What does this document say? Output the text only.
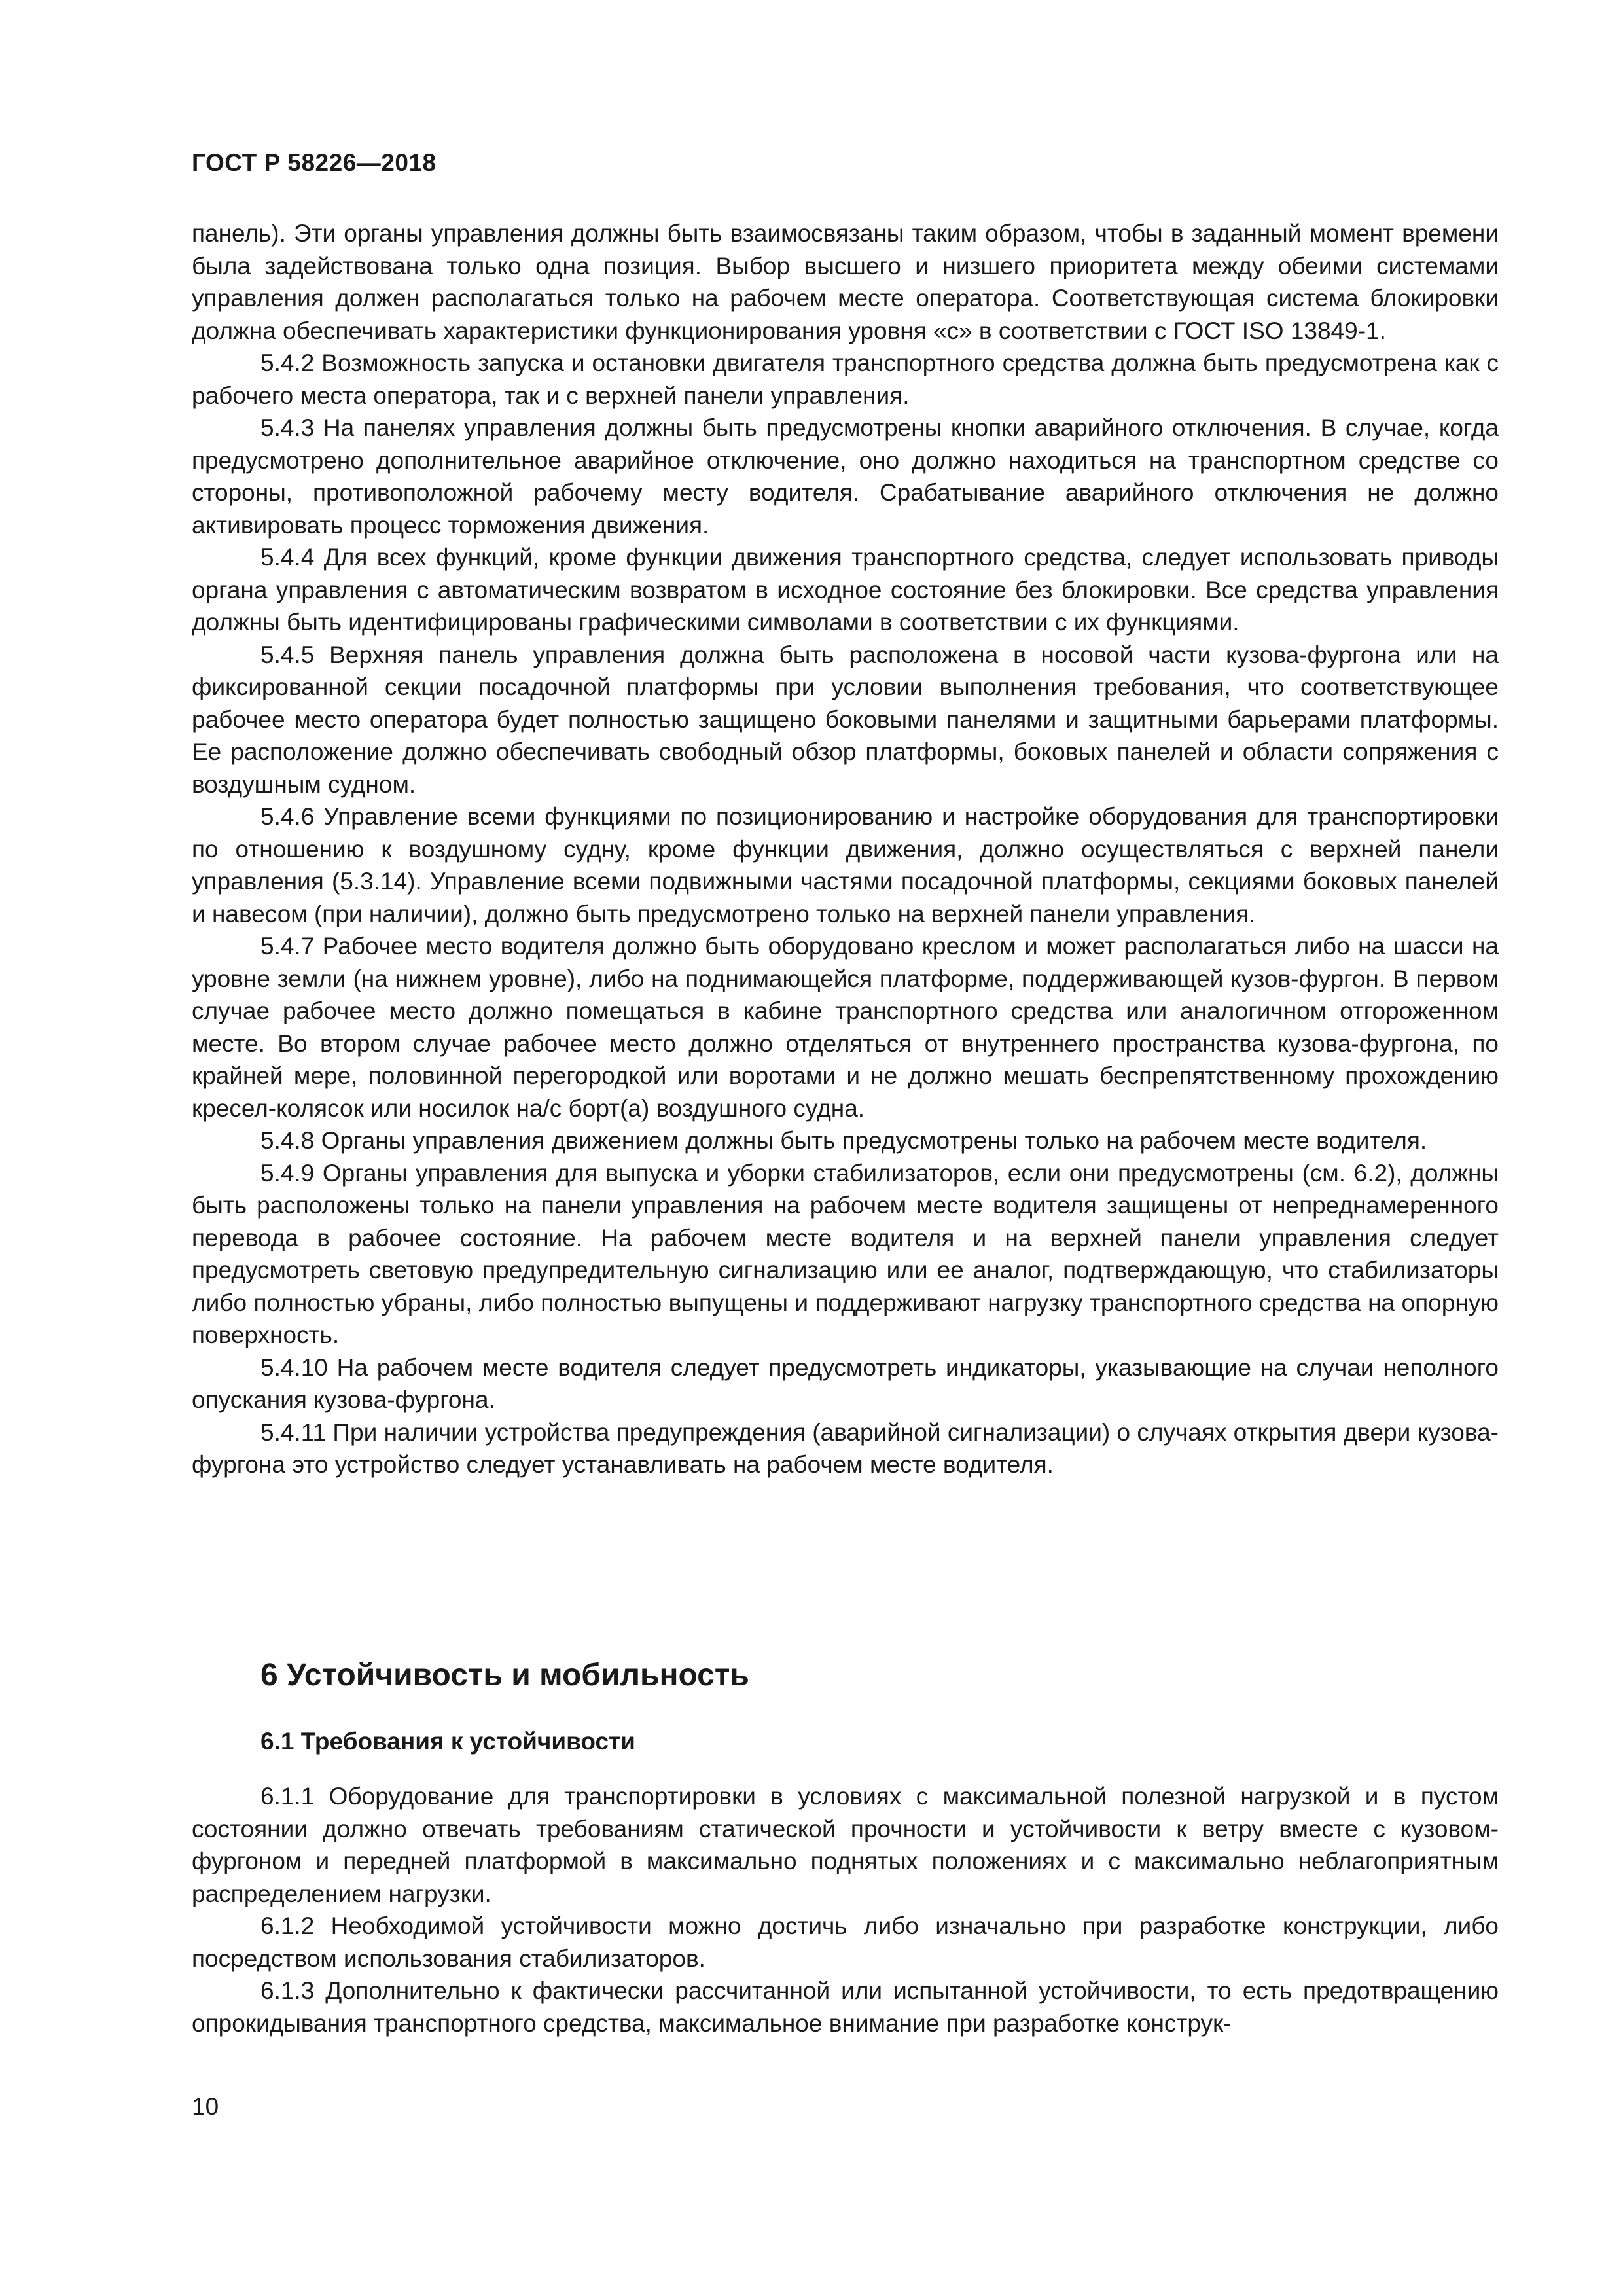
ГОСТ Р 58226—2018

панель). Эти органы управления должны быть взаимосвязаны таким образом, чтобы в заданный момент времени была задействована только одна позиция. Выбор высшего и низшего приоритета между обеими системами управления должен располагаться только на рабочем месте оператора. Соответствующая система блокировки должна обеспечивать характеристики функционирования уровня «с» в соответствии с ГОСТ ISO 13849-1.

5.4.2 Возможность запуска и остановки двигателя транспортного средства должна быть предусмотрена как с рабочего места оператора, так и с верхней панели управления.

5.4.3 На панелях управления должны быть предусмотрены кнопки аварийного отключения. В случае, когда предусмотрено дополнительное аварийное отключение, оно должно находиться на транспортном средстве со стороны, противоположной рабочему месту водителя. Срабатывание аварийного отключения не должно активировать процесс торможения движения.

5.4.4 Для всех функций, кроме функции движения транспортного средства, следует использовать приводы органа управления с автоматическим возвратом в исходное состояние без блокировки. Все средства управления должны быть идентифицированы графическими символами в соответствии с их функциями.

5.4.5 Верхняя панель управления должна быть расположена в носовой части кузова-фургона или на фиксированной секции посадочной платформы при условии выполнения требования, что соответствующее рабочее место оператора будет полностью защищено боковыми панелями и защитными барьерами платформы. Ее расположение должно обеспечивать свободный обзор платформы, боковых панелей и области сопряжения с воздушным судном.

5.4.6 Управление всеми функциями по позиционированию и настройке оборудования для транспортировки по отношению к воздушному судну, кроме функции движения, должно осуществляться с верхней панели управления (5.3.14). Управление всеми подвижными частями посадочной платформы, секциями боковых панелей и навесом (при наличии), должно быть предусмотрено только на верхней панели управления.

5.4.7 Рабочее место водителя должно быть оборудовано креслом и может располагаться либо на шасси на уровне земли (на нижнем уровне), либо на поднимающейся платформе, поддерживающей кузов-фургон. В первом случае рабочее место должно помещаться в кабине транспортного средства или аналогичном отгороженном месте. Во втором случае рабочее место должно отделяться от внутреннего пространства кузова-фургона, по крайней мере, половинной перегородкой или воротами и не должно мешать беспрепятственному прохождению кресел-колясок или носилок на/с борт(а) воздушного судна.

5.4.8 Органы управления движением должны быть предусмотрены только на рабочем месте водителя.

5.4.9 Органы управления для выпуска и уборки стабилизаторов, если они предусмотрены (см. 6.2), должны быть расположены только на панели управления на рабочем месте водителя защищены от непреднамеренного перевода в рабочее состояние. На рабочем месте водителя и на верхней панели управления следует предусмотреть световую предупредительную сигнализацию или ее аналог, подтверждающую, что стабилизаторы либо полностью убраны, либо полностью выпущены и поддерживают нагрузку транспортного средства на опорную поверхность.

5.4.10 На рабочем месте водителя следует предусмотреть индикаторы, указывающие на случаи неполного опускания кузова-фургона.

5.4.11 При наличии устройства предупреждения (аварийной сигнализации) о случаях открытия двери кузова-фургона это устройство следует устанавливать на рабочем месте водителя.

6 Устойчивость и мобильность
6.1 Требования к устойчивости

6.1.1 Оборудование для транспортировки в условиях с максимальной полезной нагрузкой и в пустом состоянии должно отвечать требованиям статической прочности и устойчивости к ветру вместе с кузовом-фургоном и передней платформой в максимально поднятых положениях и с максимально неблагоприятным распределением нагрузки.

6.1.2 Необходимой устойчивости можно достичь либо изначально при разработке конструкции, либо посредством использования стабилизаторов.

6.1.3 Дополнительно к фактически рассчитанной или испытанной устойчивости, то есть предотвращению опрокидывания транспортного средства, максимальное внимание при разработке конструк-

10
